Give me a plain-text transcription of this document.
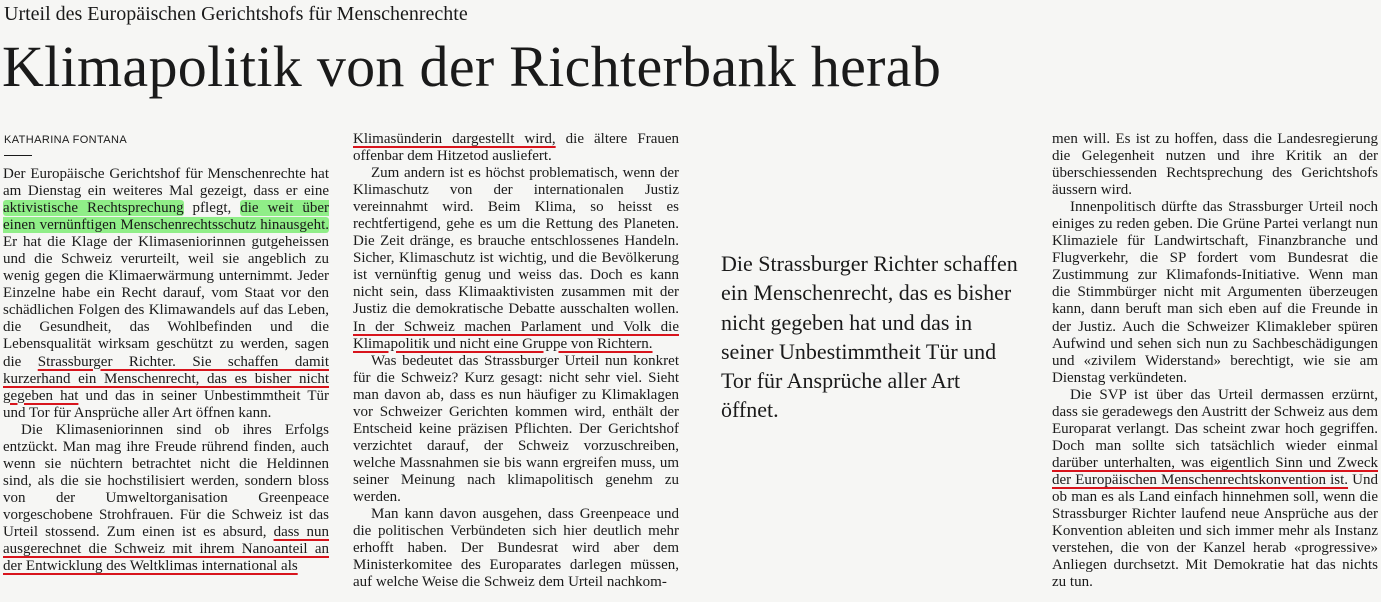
Urteil des Europäischen Gerichtshofs für Menschenrechte
Klimapolitik von der Richterbank herab
KATHARINA FONTANA

Der Europäische Gerichtshof für Menschenrechte hat am Dienstag ein weiteres Mal gezeigt, dass er eine aktivistische Rechtsprechung pflegt, die weit über einen vernünftigen Menschenrechtsschutz hinausgeht. Er hat die Klage der Klimaseniorinnen gutgeheissen und die Schweiz verurteilt, weil sie angeblich zu wenig gegen die Klimaerwärmung unternimmt. Jeder Einzelne habe ein Recht darauf, vom Staat vor den schädlichen Folgen des Klimawandels auf das Leben, die Gesundheit, das Wohlbefinden und die Lebensqualität wirksam geschützt zu werden, sagen die Strassburger Richter. Sie schaffen damit kurzerhand ein Menschenrecht, das es bisher nicht gegeben hat und das in seiner Unbestimmtheit Tür und Tor für Ansprüche aller Art öffnen kann.

Die Klimaseniorinnen sind ob ihres Erfolgs entzückt. Man mag ihre Freude rührend finden, auch wenn sie nüchtern betrachtet nicht die Heldinnen sind, als die sie hochstilisiert werden, sondern bloss von der Umweltorganisation Greenpeace vorgeschobene Strohfrauen. Für die Schweiz ist das Urteil stossend. Zum einen ist es absurd, dass nun ausgerechnet die Schweiz mit ihrem Nanoanteil an der Entwicklung des Weltklimas international als

Klimasünderin dargestellt wird, die ältere Frauen offenbar dem Hitzetod ausliefert.

Zum andern ist es höchst problematisch, wenn der Klimaschutz von der internationalen Justiz vereinnahmt wird. Beim Klima, so heisst es rechtfertigend, gehe es um die Rettung des Planeten. Die Zeit dränge, es brauche entschlossenes Handeln. Sicher, Klimaschutz ist wichtig, und die Bevölkerung ist vernünftig genug und weiss das. Doch es kann nicht sein, dass Klimaaktivisten zusammen mit der Justiz die demokratische Debatte ausschalten wollen. In der Schweiz machen Parlament und Volk die Klimapolitik und nicht eine Gruppe von Richtern.

Was bedeutet das Strassburger Urteil nun konkret für die Schweiz? Kurz gesagt: nicht sehr viel. Sieht man davon ab, dass es nun häufiger zu Klimaklagen vor Schweizer Gerichten kommen wird, enthält der Entscheid keine präzisen Pflichten. Der Gerichtshof verzichtet darauf, der Schweiz vorzuschreiben, welche Massnahmen sie bis wann ergreifen muss, um seiner Meinung nach klimapolitisch genehm zu werden.

Man kann davon ausgehen, dass Greenpeace und die politischen Verbündeten sich hier deutlich mehr erhofft haben. Der Bundesrat wird aber dem Ministerkomitee des Europarates darlegen müssen, auf welche Weise die Schweiz dem Urteil nachkom-

Die Strassburger Richter schaffen ein Menschenrecht, das es bisher nicht gegeben hat und das in seiner Unbestimmtheit Tür und Tor für Ansprüche aller Art öffnet.

men will. Es ist zu hoffen, dass die Landesregierung die Gelegenheit nutzen und ihre Kritik an der überschiessenden Rechtsprechung des Gerichtshofs äussern wird.

Innenpolitisch dürfte das Strassburger Urteil noch einiges zu reden geben. Die Grüne Partei verlangt nun Klimaziele für Landwirtschaft, Finanzbranche und Flugverkehr, die SP fordert vom Bundesrat die Zustimmung zur Klimafonds-Initiative. Wenn man die Stimmbürger nicht mit Argumenten überzeugen kann, dann beruft man sich eben auf die Freunde in der Justiz. Auch die Schweizer Klimakleber spüren Aufwind und sehen sich nun zu Sachbeschädigungen und «zivilem Widerstand» berechtigt, wie sie am Dienstag verkündeten.

Die SVP ist über das Urteil dermassen erzürnt, dass sie geradewegs den Austritt der Schweiz aus dem Europarat verlangt. Das scheint zwar hoch gegriffen. Doch man sollte sich tatsächlich wieder einmal darüber unterhalten, was eigentlich Sinn und Zweck der Europäischen Menschenrechtskonvention ist. Und ob man es als Land einfach hinnehmen soll, wenn die Strassburger Richter laufend neue Ansprüche aus der Konvention ableiten und sich immer mehr als Instanz verstehen, die von der Kanzel herab «progressive» Anliegen durchsetzt. Mit Demokratie hat das nichts zu tun.
